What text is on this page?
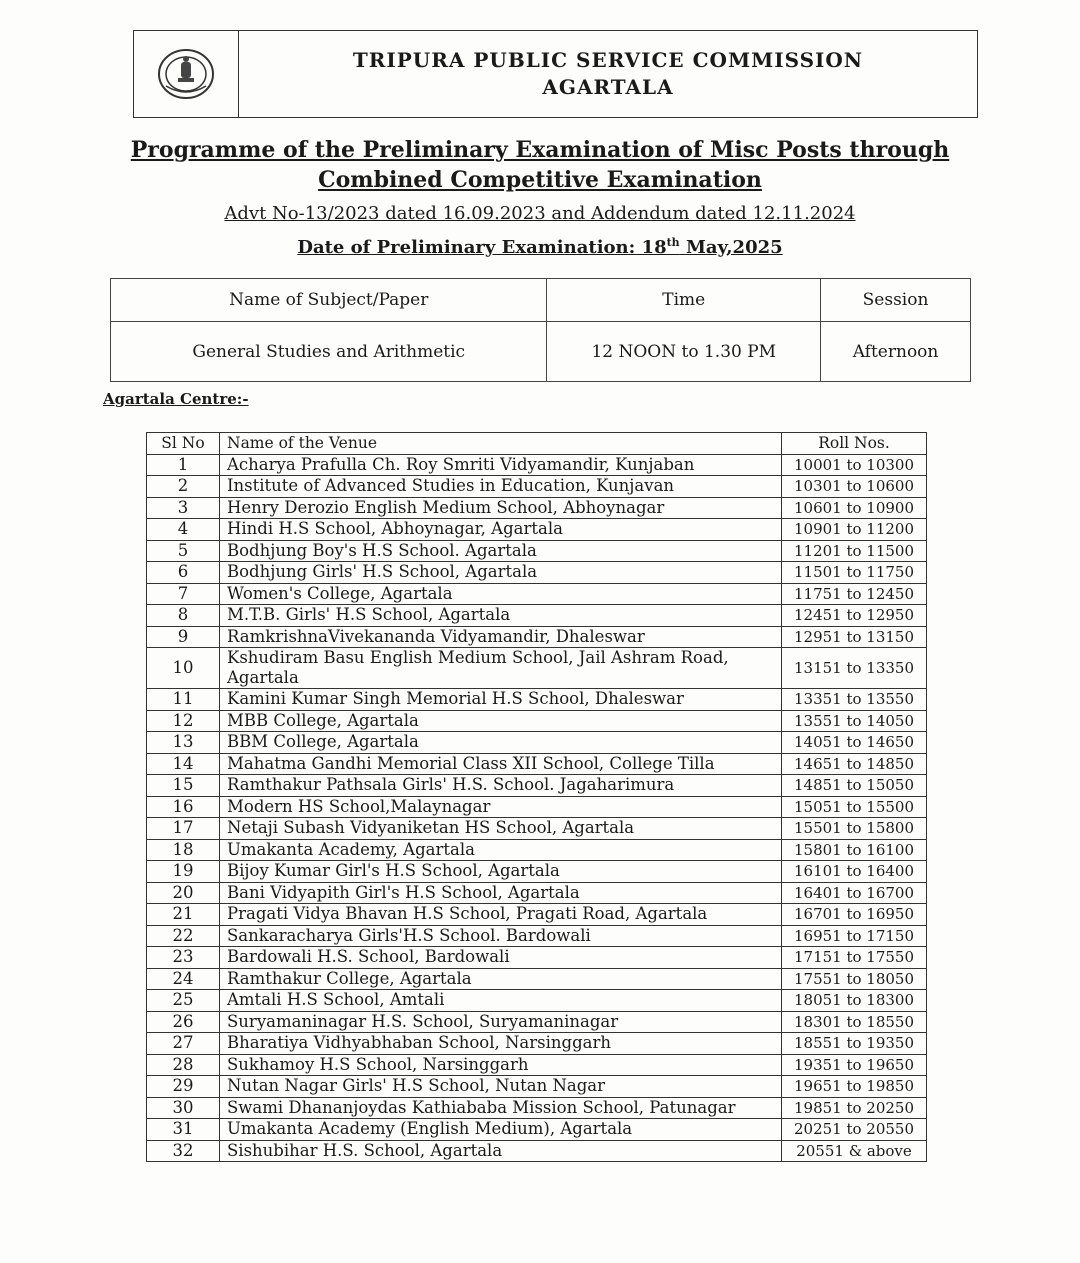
TRIPURA PUBLIC SERVICE COMMISSION
AGARTALA
Programme of the Preliminary Examination of Misc Posts through
Combined Competitive Examination
Advt No-13/2023 dated 16.09.2023 and Addendum dated 12.11.2024
Date of Preliminary Examination: 18th May,2025
Name of Subject/Paper	Time	Session
General Studies and Arithmetic	12 NOON to 1.30 PM	Afternoon
Agartala Centre:-
Sl No	Name of the Venue	Roll Nos.
1	Acharya Prafulla Ch. Roy Smriti Vidyamandir, Kunjaban	10001 to 10300
2	Institute of Advanced Studies in Education, Kunjavan	10301 to 10600
3	Henry Derozio English Medium School, Abhoynagar	10601 to 10900
4	Hindi H.S School, Abhoynagar, Agartala	10901 to 11200
5	Bodhjung Boy's H.S School. Agartala	11201 to 11500
6	Bodhjung Girls' H.S School, Agartala	11501 to 11750
7	Women's College, Agartala	11751 to 12450
8	M.T.B. Girls' H.S School, Agartala	12451 to 12950
9	RamkrishnaVivekananda Vidyamandir, Dhaleswar	12951 to 13150
10	Kshudiram Basu English Medium School, Jail Ashram Road, Agartala	13151 to 13350
11	Kamini Kumar Singh Memorial H.S School, Dhaleswar	13351 to 13550
12	MBB College, Agartala	13551 to 14050
13	BBM College, Agartala	14051 to 14650
14	Mahatma Gandhi Memorial Class XII School, College Tilla	14651 to 14850
15	Ramthakur Pathsala Girls' H.S. School. Jagaharimura	14851 to 15050
16	Modern HS School,Malaynagar	15051 to 15500
17	Netaji Subash Vidyaniketan HS School, Agartala	15501 to 15800
18	Umakanta Academy, Agartala	15801 to 16100
19	Bijoy Kumar Girl's H.S School, Agartala	16101 to 16400
20	Bani Vidyapith Girl's H.S School, Agartala	16401 to 16700
21	Pragati Vidya Bhavan H.S School, Pragati Road, Agartala	16701 to 16950
22	Sankaracharya Girls'H.S School. Bardowali	16951 to 17150
23	Bardowali H.S. School, Bardowali	17151 to 17550
24	Ramthakur College, Agartala	17551 to 18050
25	Amtali H.S School, Amtali	18051 to 18300
26	Suryamaninagar H.S. School, Suryamaninagar	18301 to 18550
27	Bharatiya Vidhyabhaban School, Narsinggarh	18551 to 19350
28	Sukhamoy H.S School, Narsinggarh	19351 to 19650
29	Nutan Nagar Girls' H.S School, Nutan Nagar	19651 to 19850
30	Swami Dhananjoydas Kathiababa Mission School, Patunagar	19851 to 20250
31	Umakanta Academy (English Medium), Agartala	20251 to 20550
32	Sishubihar H.S. School, Agartala	20551 & above
